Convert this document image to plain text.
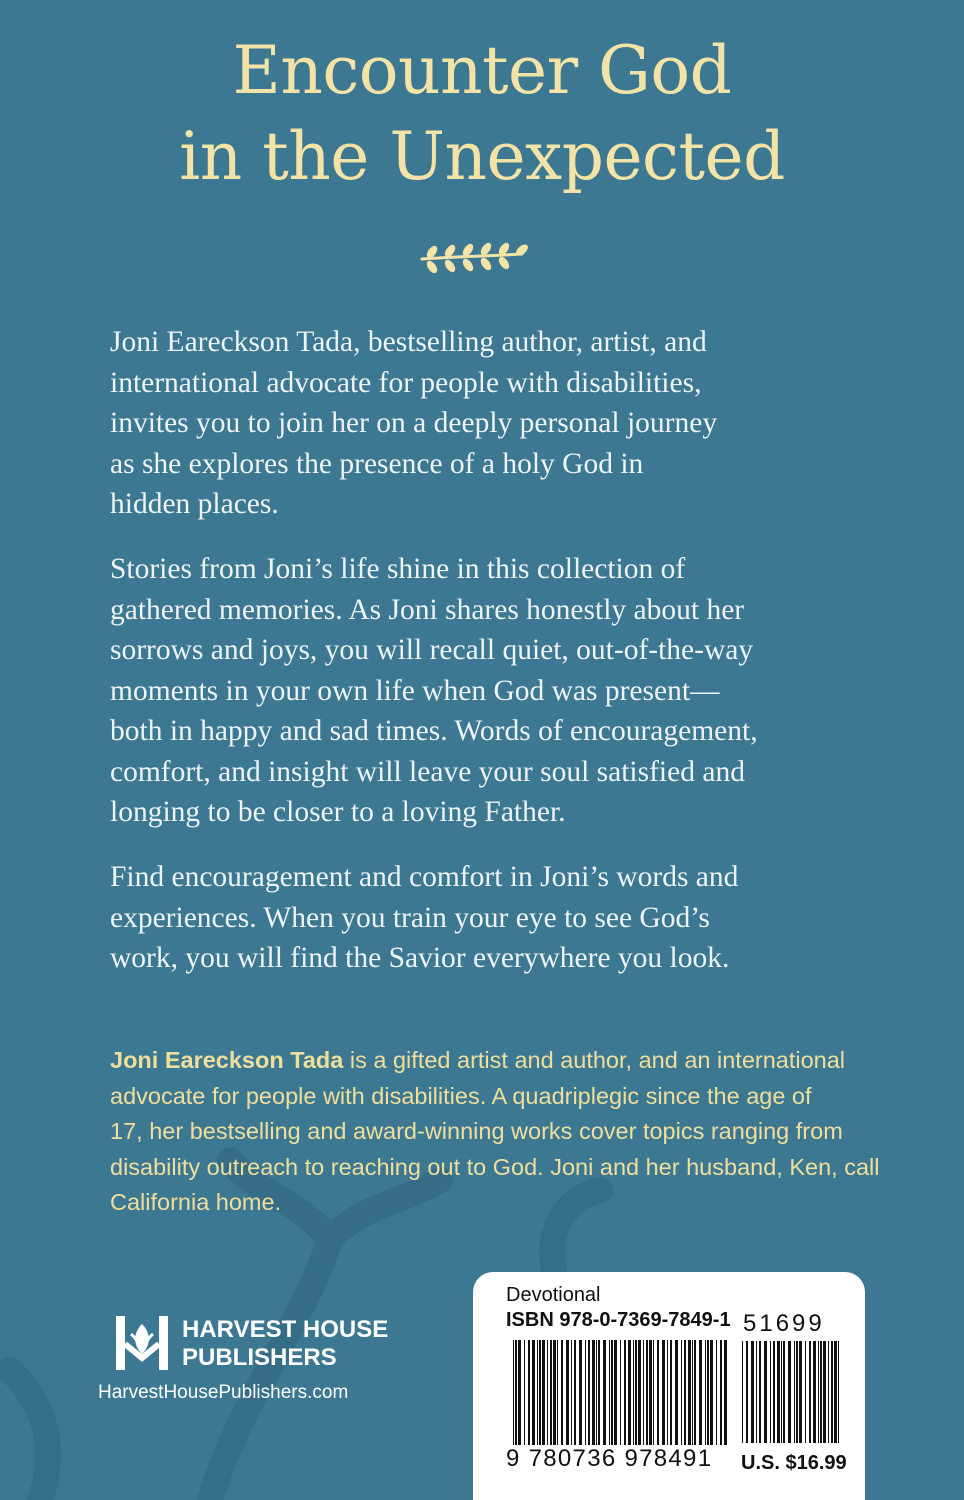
Encounter God
in the Unexpected
Joni Eareckson Tada, bestselling author, artist, and
international advocate for people with disabilities,
invites you to join her on a deeply personal journey
as she explores the presence of a holy God in
hidden places.
Stories from Joni’s life shine in this collection of
gathered memories. As Joni shares honestly about her
sorrows and joys, you will recall quiet, out-of-the-way
moments in your own life when God was present—
both in happy and sad times. Words of encouragement,
comfort, and insight will leave your soul satisfied and
longing to be closer to a loving Father.
Find encouragement and comfort in Joni’s words and
experiences. When you train your eye to see God’s
work, you will find the Savior everywhere you look.
Joni Eareckson Tada is a gifted artist and author, and an international
advocate for people with disabilities. A quadriplegic since the age of
17, her bestselling and award-winning works cover topics ranging from
disability outreach to reaching out to God. Joni and her husband, Ken, call
California home.
HARVEST HOUSE
PUBLISHERS
HarvestHousePublishers.com
Devotional
ISBN 978-0-7369-7849-1 51699
9 780736 978491 U.S. $16.99
